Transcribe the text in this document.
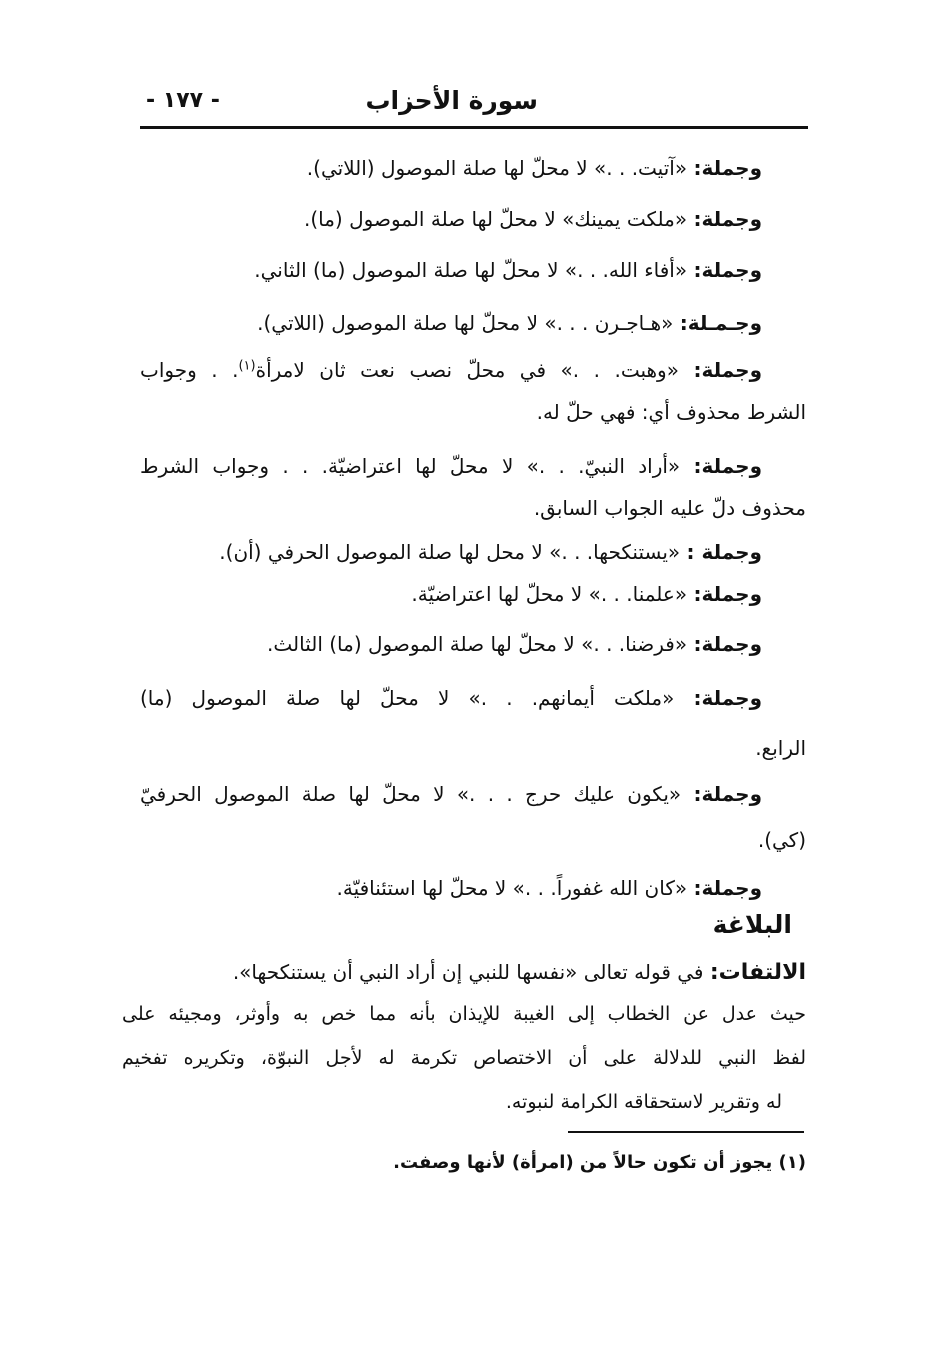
سورة الأحزاب
- ١٧٧ -
وجملة: «آتيت. . .» لا محلّ لها صلة الموصول (اللاتي).
وجملة: «ملكت يمينك» لا محلّ لها صلة الموصول (ما).
وجملة: «أفاء الله. . .» لا محلّ لها صلة الموصول (ما) الثاني.
وجـمـلة: «هـاجـرن . . .» لا محلّ لها صلة الموصول (اللاتي).
وجملة: «وهبت. . .» في محلّ نصب نعت ثان لامرأة$^{(١)}$. . وجواب
الشرط محذوف أي: فهي حلّ له.
وجملة: «أراد النبيّ. . .» لا محلّ لها اعتراضيّة. . . وجواب الشرط
محذوف دلّ عليه الجواب السابق.
وجملة : «يستنكحها. . .» لا محل لها صلة الموصول الحرفي (أن).
وجملة: «علمنا. . .» لا محلّ لها اعتراضيّة.
وجملة: «فرضنا. . .» لا محلّ لها صلة الموصول (ما) الثالث.
وجملة: «ملكت أيمانهم. . .» لا محلّ لها صلة الموصول (ما)
الرابع.
وجملة: «يكون عليك حرج . . .» لا محلّ لها صلة الموصول الحرفيّ
(كي).
وجملة: «كان الله غفوراً. . .» لا محلّ لها استئنافيّة.
البلاغة
الالتفات: في قوله تعالى «نفسها للنبي إن أراد النبي أن يستنكحها».
حيث عدل عن الخطاب إلى الغيبة للإيذان بأنه مما خص به وأوثر، ومجيئه على
لفظ النبي للدلالة على أن الاختصاص تكرمة له لأجل النبوّة، وتكريره تفخيم
له وتقرير لاستحقاقه الكرامة لنبوته.
(١) يجوز أن تكون حالاً من (امرأة) لأنها وصفت.
